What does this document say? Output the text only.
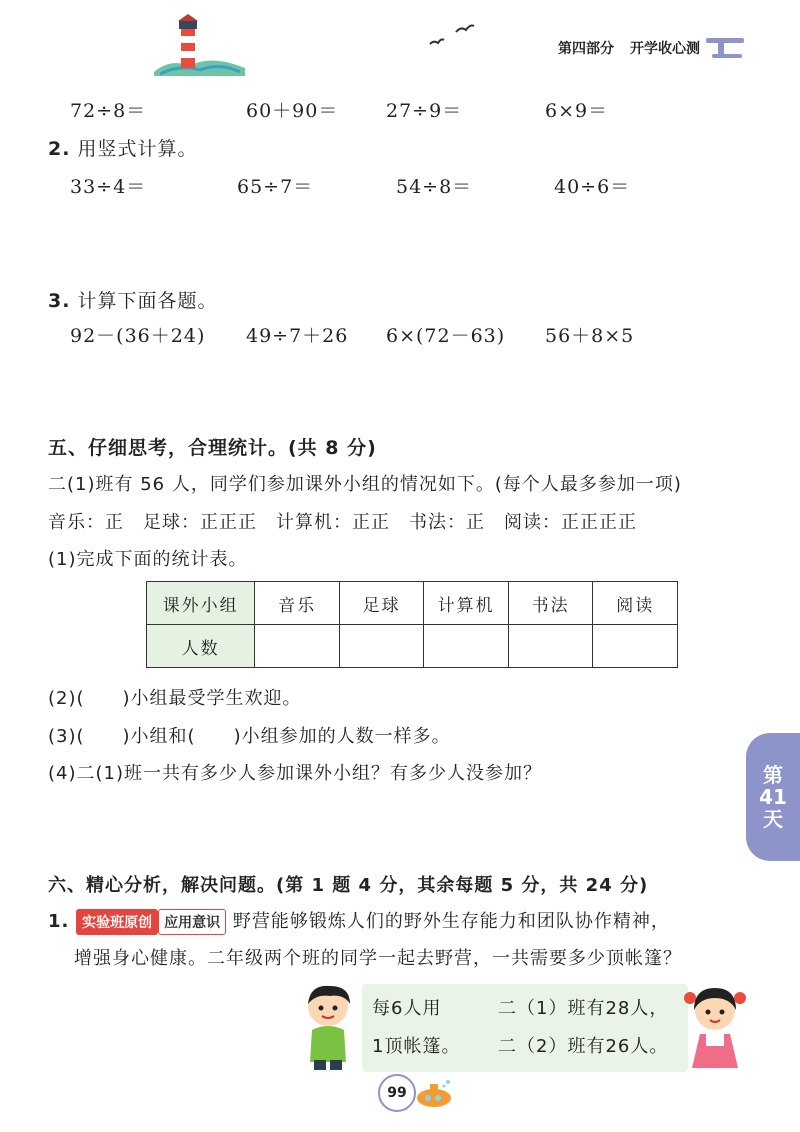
第四部分 开学收心测
72÷8＝	60＋90＝	27÷9＝	6×9＝
2. 用竖式计算。
33÷4＝	65÷7＝	54÷8＝	40÷6＝
3. 计算下面各题。
92－(36＋24) 49÷7＋26 6×(72－63) 56＋8×5
五、仔细思考，合理统计。(共 8 分)
二(1)班有 56 人，同学们参加课外小组的情况如下。(每个人最多参加一项)
音乐：正　足球：正正正　计算机：正正　书法：正　阅读：正正正正
(1)完成下面的统计表。
课外小组	音乐	足球	计算机	书法	阅读
人数					
(2)(　　)小组最受学生欢迎。
(3)(　　)小组和(　　)小组参加的人数一样多。
(4)二(1)班一共有多少人参加课外小组？有多少人没参加？	第
41
天
六、精心分析，解决问题。(第 1 题 4 分，其余每题 5 分，共 24 分)
1. 实验班原创 应用意识 野营能够锻炼人们的野外生存能力和团队协作精神，
增强身心健康。二年级两个班的同学一起去野营，一共需要多少顶帐篷？
每6人用
1顶帐篷。
二（1）班有28人，
二（2）班有26人。
99
